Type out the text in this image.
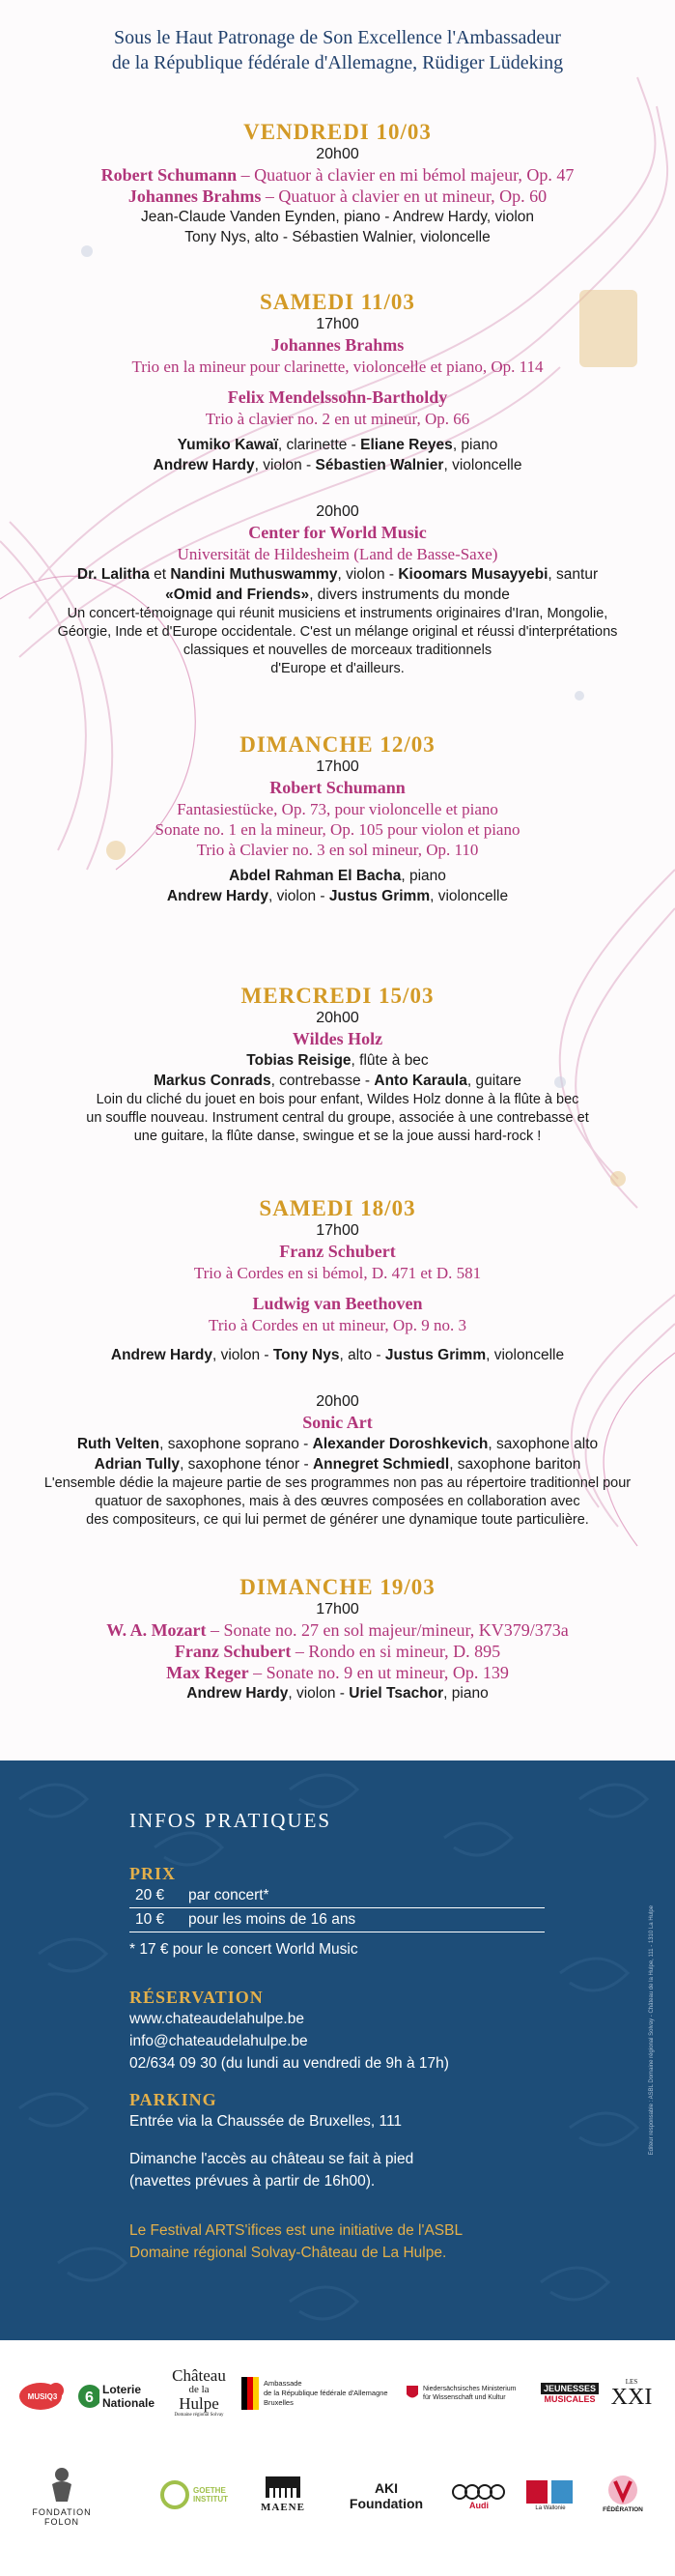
Sous le Haut Patronage de Son Excellence l'Ambassadeur
de la République fédérale d'Allemagne, Rüdiger Lüdeking

VENDREDI 10/03

20h00

Robert Schumann – Quatuor à clavier en mi bémol majeur, Op. 47

Johannes Brahms – Quatuor à clavier en ut mineur, Op. 60

Jean-Claude Vanden Eynden, piano - Andrew Hardy, violon

Tony Nys, alto - Sébastien Walnier, violoncelle

SAMEDI 11/03

17h00

Johannes Brahms

Trio en la mineur pour clarinette, violoncelle et piano, Op. 114

Felix Mendelssohn-Bartholdy

Trio à clavier no. 2 en ut mineur, Op. 66

Yumiko Kawaï, clarinette - Eliane Reyes, piano

Andrew Hardy, violon - Sébastien Walnier, violoncelle

20h00

Center for World Music

Universität de Hildesheim (Land de Basse-Saxe)

Dr. Lalitha et Nandini Muthuswammy, violon - Kioomars Musayyebi, santur

«Omid and Friends», divers instruments du monde

Un concert-témoignage qui réunit musiciens et instruments originaires d'Iran, Mongolie,

Géorgie, Inde et d'Europe occidentale. C'est un mélange original et réussi d'interprétations

classiques et nouvelles de morceaux traditionnels

d'Europe et d'ailleurs.

DIMANCHE 12/03

17h00

Robert Schumann

Fantasiestücke, Op. 73, pour violoncelle et piano

Sonate no. 1 en la mineur, Op. 105 pour violon et piano

Trio à Clavier no. 3 en sol mineur, Op. 110

Abdel Rahman El Bacha, piano

Andrew Hardy, violon - Justus Grimm, violoncelle

MERCREDI 15/03

20h00

Wildes Holz

Tobias Reisige, flûte à bec

Markus Conrads, contrebasse - Anto Karaula, guitare

Loin du cliché du jouet en bois pour enfant, Wildes Holz donne à la flûte à bec

un souffle nouveau. Instrument central du groupe, associée à une contrebasse et

une guitare, la flûte danse, swingue et se la joue aussi hard-rock !

SAMEDI 18/03

17h00

Franz Schubert

Trio à Cordes en si bémol, D. 471 et D. 581

Ludwig van Beethoven

Trio à Cordes en ut mineur, Op. 9 no. 3

Andrew Hardy, violon - Tony Nys, alto - Justus Grimm, violoncelle

20h00

Sonic Art

Ruth Velten, saxophone soprano - Alexander Doroshkevich, saxophone alto

Adrian Tully, saxophone ténor - Annegret Schmiedl, saxophone bariton

L'ensemble dédie la majeure partie de ses programmes non pas au répertoire traditionnel pour

quatuor de saxophones, mais à des œuvres composées en collaboration avec

des compositeurs, ce qui lui permet de générer une dynamique toute particulière.

DIMANCHE 19/03

17h00

W. A. Mozart – Sonate no. 27 en sol majeur/mineur, KV379/373a

Franz Schubert – Rondo en si mineur, D. 895

Max Reger – Sonate no. 9 en ut mineur, Op. 139

Andrew Hardy, violon - Uriel Tsachor, piano

INFOS PRATIQUES

PRIX

20 €	par concert*
10 €	pour les moins de 16 ans

* 17 € pour le concert World Music

RÉSERVATION

www.chateaudelahulpe.be

info@chateaudelahulpe.be

02/634 09 30 (du lundi au vendredi de 9h à 17h)

PARKING

Entrée via la Chaussée de Bruxelles, 111

Dimanche l'accès au château se fait à pied

(navettes prévues à partir de 16h00).

Le Festival ARTS'ifices est une initiative de l'ASBL

Domaine régional Solvay-Château de La Hulpe.

Éditeur responsable : ASBL Domaine régional Solvay - Château de la Hulpe, 111 - 1310 La Hulpe
MUSIQ3 6 Loterie
Nationale
Château
de la
Hulpe
Domaine régional Solvay
Ambassade
de la République fédérale d'Allemagne
Bruxelles
Niedersächsisches Ministerium
für Wissenschaft und Kultur
JEUNESSES
MUSICALES
LES
XXI
FONDATION FOLON
GOETHE
INSTITUT
MAENE
AKI Foundation	Audi	La Wallonie	FÉDÉRATION
